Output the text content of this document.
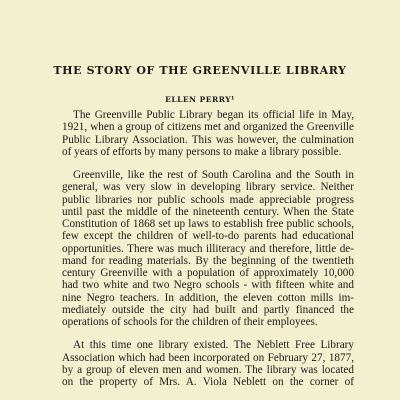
THE STORY OF THE GREENVILLE LIBRARY
ELLEN PERRY¹
The Greenville Public Library began its official life in May,
1921, when a group of citizens met and organized the Greenville
Public Library Association. This was however, the culmination
of years of efforts by many persons to make a library possible.
Greenville, like the rest of South Carolina and the South in
general, was very slow in developing library service. Neither
public libraries nor public schools made appreciable progress
until past the middle of the nineteenth century. When the State
Constitution of 1868 set up laws to establish free public schools,
few except the children of well-to-do parents had educational
opportunities. There was much illiteracy and therefore, little de-
mand for reading materials. By the beginning of the twentieth
century Greenville with a population of approximately 10,000
had two white and two Negro schools - with fifteen white and
nine Negro teachers. In addition, the eleven cotton mills im-
mediately outside the city had built and partly financed the
operations of schools for the children of their employees.
At this time one library existed. The Neblett Free Library
Association which had been incorporated on February 27, 1877,
by a group of eleven men and women. The library was located
on the property of Mrs. A. Viola Neblett on the corner of
